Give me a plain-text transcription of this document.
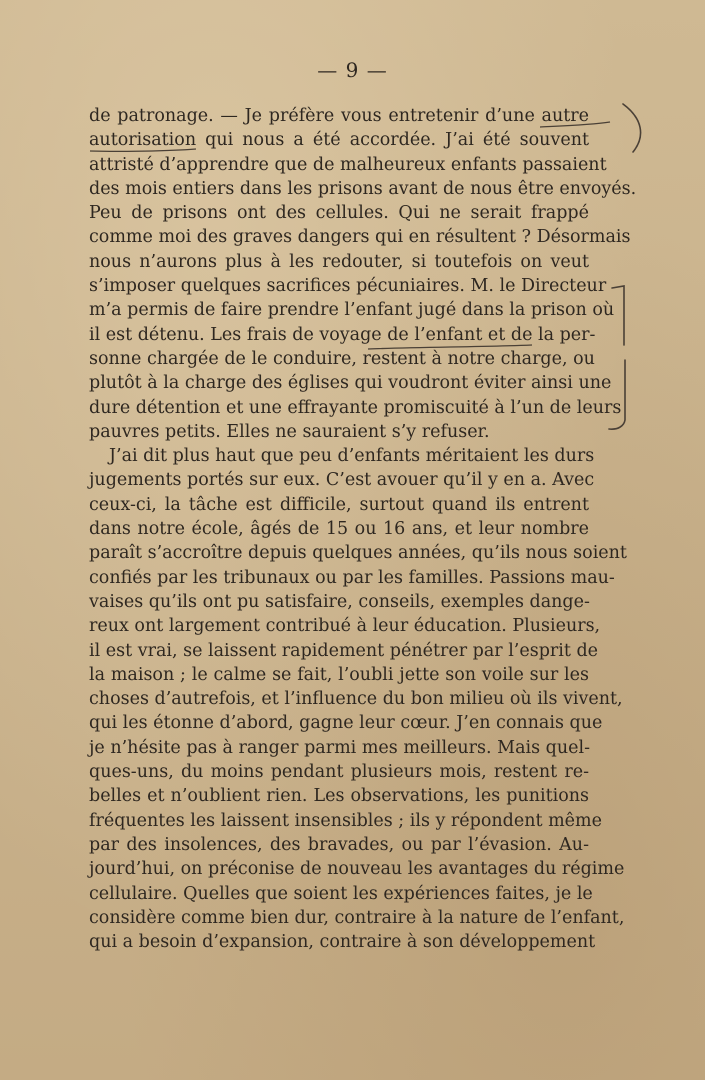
— 9 —
de patronage. — Je préfère vous entretenir d’une autre
autorisation qui nous a été accordée. J’ai été souvent
attristé d’apprendre que de malheureux enfants passaient
des mois entiers dans les prisons avant de nous être envoyés.
Peu de prisons ont des cellules. Qui ne serait frappé
comme moi des graves dangers qui en résultent ? Désormais
nous n’aurons plus à les redouter, si toutefois on veut
s’imposer quelques sacrifices pécuniaires. M. le Directeur
m’a permis de faire prendre l’enfant jugé dans la prison où
il est détenu. Les frais de voyage de l’enfant et de la per-
sonne chargée de le conduire, restent à notre charge, ou
plutôt à la charge des églises qui voudront éviter ainsi une
dure détention et une effrayante promiscuité à l’un de leurs
pauvres petits. Elles ne sauraient s’y refuser.
J’ai dit plus haut que peu d’enfants méritaient les durs
jugements portés sur eux. C’est avouer qu’il y en a. Avec
ceux-ci, la tâche est difficile, surtout quand ils entrent
dans notre école, âgés de 15 ou 16 ans, et leur nombre
paraît s’accroître depuis quelques années, qu’ils nous soient
confiés par les tribunaux ou par les familles. Passions mau-
vaises qu’ils ont pu satisfaire, conseils, exemples dange-
reux ont largement contribué à leur éducation. Plusieurs,
il est vrai, se laissent rapidement pénétrer par l’esprit de
la maison ; le calme se fait, l’oubli jette son voile sur les
choses d’autrefois, et l’influence du bon milieu où ils vivent,
qui les étonne d’abord, gagne leur cœur. J’en connais que
je n’hésite pas à ranger parmi mes meilleurs. Mais quel-
ques-uns, du moins pendant plusieurs mois, restent re-
belles et n’oublient rien. Les observations, les punitions
fréquentes les laissent insensibles ; ils y répondent même
par des insolences, des bravades, ou par l’évasion. Au-
jourd’hui, on préconise de nouveau les avantages du régime
cellulaire. Quelles que soient les expériences faites, je le
considère comme bien dur, contraire à la nature de l’enfant,
qui a besoin d’expansion, contraire à son développement
